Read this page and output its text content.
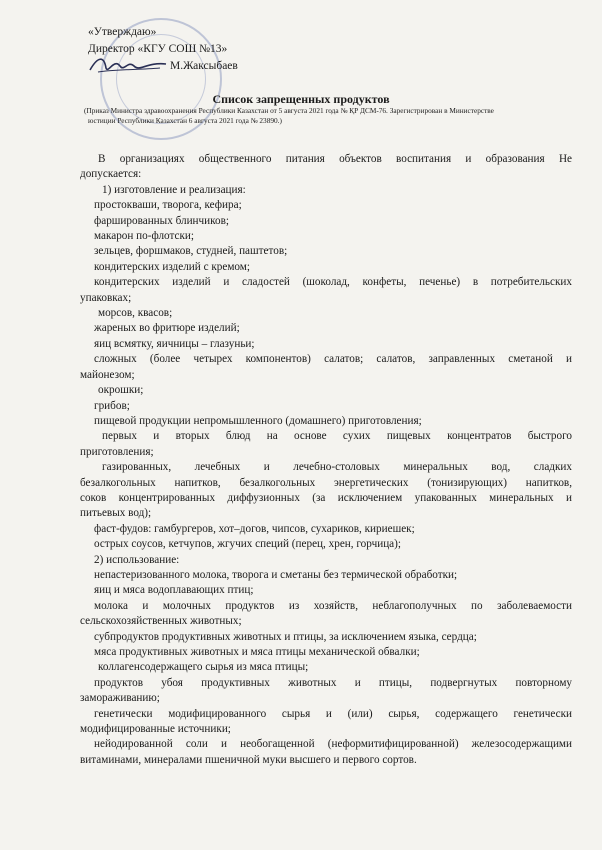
«Утверждаю»
Директор «КГУ СОШ №13»
М.Жаксыбаев
Список запрещенных продуктов
(Приказ Министра здравоохранения Республики Казахстан от 5 августа 2021 года № ҚР ДСМ-76. Зарегистрирован в Министерстве
юстиции Республики Казахстан 6 августа 2021 года № 23890.)
В организациях общественного питания объектов воспитания и образования Не
допускается:
1) изготовление и реализация:
простокваши, творога, кефира;
фаршированных блинчиков;
макарон по-флотски;
зельцев, форшмаков, студней, паштетов;
кондитерских изделий с кремом;
кондитерских изделий и сладостей (шоколад, конфеты, печенье) в потребительских
упаковках;
морсов, квасов;
жареных во фритюре изделий;
яиц всмятку, яичницы – глазуньи;
сложных (более четырех компонентов) салатов; салатов, заправленных сметаной и
майонезом;
окрошки;
грибов;
пищевой продукции непромышленного (домашнего) приготовления;
первых и вторых блюд на основе сухих пищевых концентратов быстрого
приготовления;
газированных, лечебных и лечебно-столовых минеральных вод, сладких
безалкогольных напитков, безалкогольных энергетических (тонизирующих) напитков,
соков концентрированных диффузионных (за исключением упакованных минеральных и
питьевых вод);
фаст-фудов: гамбургеров, хот–догов, чипсов, сухариков, кириешек;
острых соусов, кетчупов, жгучих специй (перец, хрен, горчица);
2) использование:
непастеризованного молока, творога и сметаны без термической обработки;
яиц и мяса водоплавающих птиц;
молока и молочных продуктов из хозяйств, неблагополучных по заболеваемости
сельскохозяйственных животных;
субпродуктов продуктивных животных и птицы, за исключением языка, сердца;
мяса продуктивных животных и мяса птицы механической обвалки;
коллагенсодержащего сырья из мяса птицы;
продуктов убоя продуктивных животных и птицы, подвергнутых повторному
замораживанию;
генетически модифицированного сырья и (или) сырья, содержащего генетически
модифицированные источники;
нейодированной соли и необогащенной (неформитифицированной) железосодержащими
витаминами, минералами пшеничной муки высшего и первого сортов.
